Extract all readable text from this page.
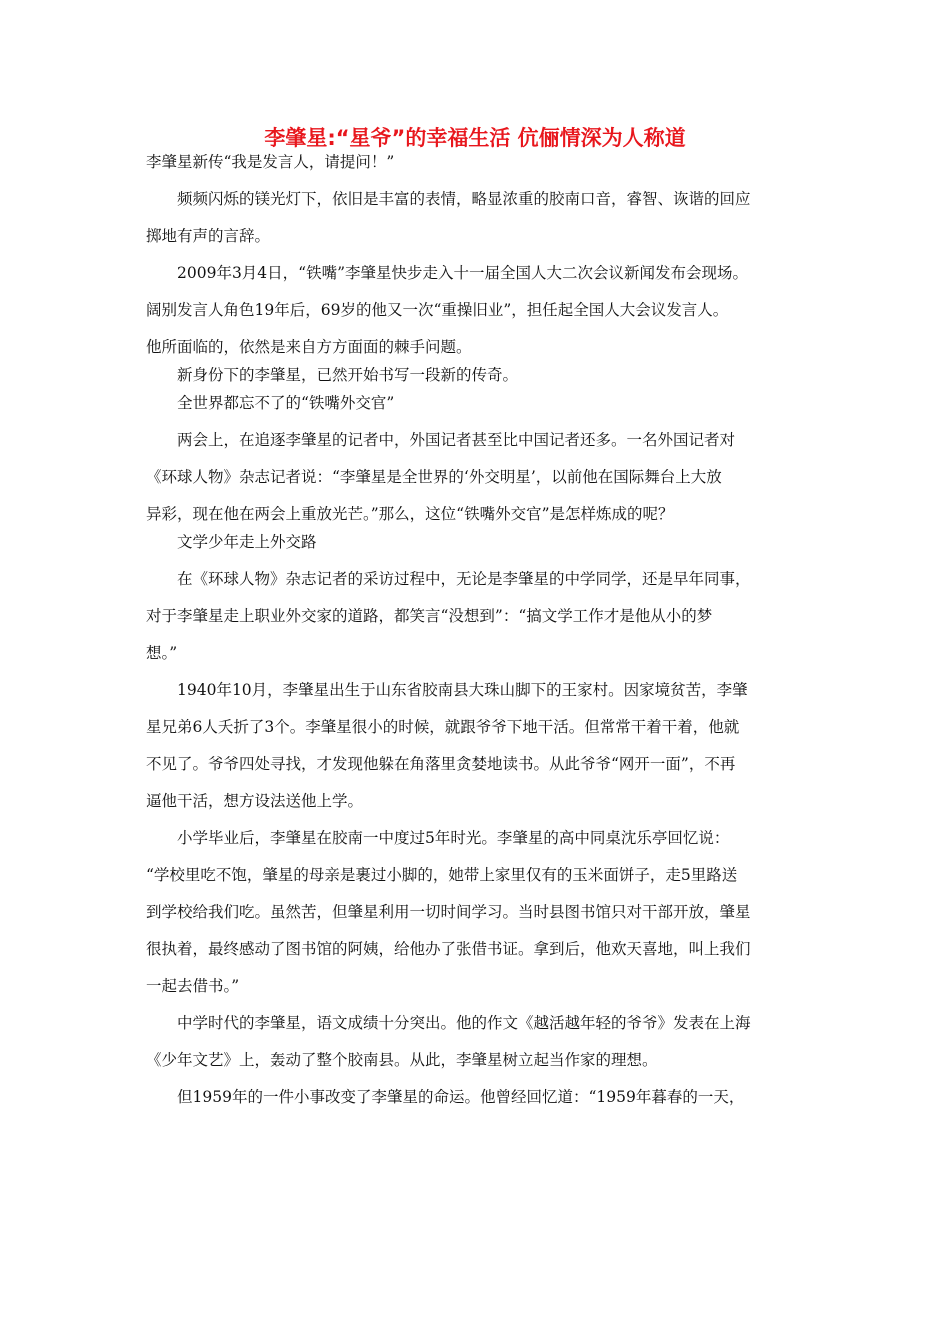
李肇星:“星爷”的幸福生活 伉俪情深为人称道
李肇星新传“我是发言人，请提问！”
频频闪烁的镁光灯下，依旧是丰富的表情，略显浓重的胶南口音，睿智、诙谐的回应
掷地有声的言辞。
2009年3月4日，“铁嘴”李肇星快步走入十一届全国人大二次会议新闻发布会现场。
阔别发言人角色19年后，69岁的他又一次“重操旧业”，担任起全国人大会议发言人。
他所面临的，依然是来自方方面面的棘手问题。
新身份下的李肇星，已然开始书写一段新的传奇。
全世界都忘不了的“铁嘴外交官”
两会上，在追逐李肇星的记者中，外国记者甚至比中国记者还多。一名外国记者对
《环球人物》杂志记者说：“李肇星是全世界的‘外交明星’，以前他在国际舞台上大放
异彩，现在他在两会上重放光芒。”那么，这位“铁嘴外交官”是怎样炼成的呢？
文学少年走上外交路
在《环球人物》杂志记者的采访过程中，无论是李肇星的中学同学，还是早年同事，
对于李肇星走上职业外交家的道路，都笑言“没想到”：“搞文学工作才是他从小的梦
想。”
1940年10月，李肇星出生于山东省胶南县大珠山脚下的王家村。因家境贫苦，李肇
星兄弟6人夭折了3个。李肇星很小的时候，就跟爷爷下地干活。但常常干着干着，他就
不见了。爷爷四处寻找，才发现他躲在角落里贪婪地读书。从此爷爷“网开一面”，不再
逼他干活，想方设法送他上学。
小学毕业后，李肇星在胶南一中度过5年时光。李肇星的高中同桌沈乐亭回忆说：
“学校里吃不饱，肇星的母亲是裹过小脚的，她带上家里仅有的玉米面饼子，走5里路送
到学校给我们吃。虽然苦，但肇星利用一切时间学习。当时县图书馆只对干部开放，肇星
很执着，最终感动了图书馆的阿姨，给他办了张借书证。拿到后，他欢天喜地，叫上我们
一起去借书。”
中学时代的李肇星，语文成绩十分突出。他的作文《越活越年轻的爷爷》发表在上海
《少年文艺》上，轰动了整个胶南县。从此，李肇星树立起当作家的理想。
但1959年的一件小事改变了李肇星的命运。他曾经回忆道：“1959年暮春的一天，
